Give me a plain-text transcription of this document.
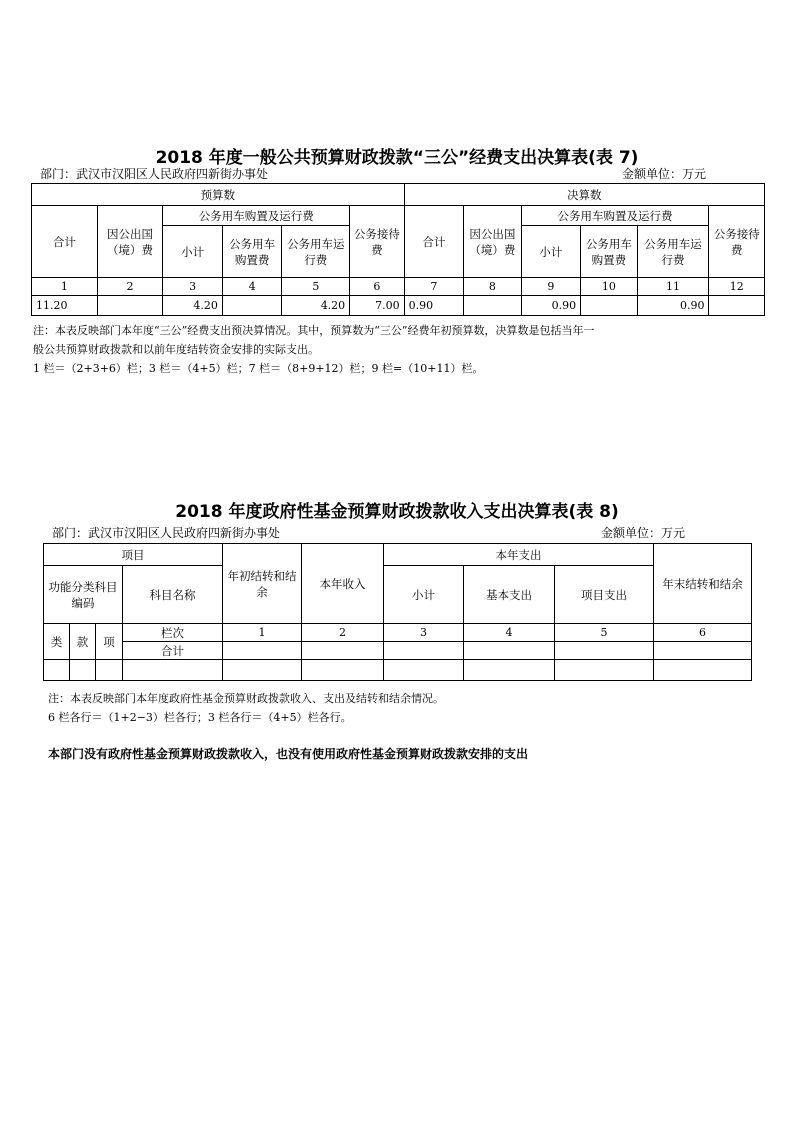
2018 年度一般公共预算财政拨款“三公”经费支出决算表(表 7)
部门：武汉市汉阳区人民政府四新街办事处	金额单位：万元
预算数						决算数					
合计	因公出国（境）费	公务用车购置及运行费			公务接待费	合计	因公出国（境）费	公务用车购置及运行费			公务接待费
		小计	公务用车购置费	公务用车运行费				小计	公务用车购置费	公务用车运行费	
1	2	3	4	5	6	7	8	9	10	11	12
11.20		4.20		4.20	7.00	0.90		0.90		0.90	
注：本表反映部门本年度“三公”经费支出预决算情况。其中，预算数为“三公”经费年初预算数，决算数是包括当年一
般公共预算财政拨款和以前年度结转资金安排的实际支出。
1 栏＝（2+3+6）栏；3 栏＝（4+5）栏；7 栏＝（8+9+12）栏；9 栏=（10+11）栏。
2018 年度政府性基金预算财政拨款收入支出决算表(表 8)
部门：武汉市汉阳区人民政府四新街办事处	金额单位：万元
项目				年初结转和结余	本年收入	本年支出			年末结转和结余
功能分类科目编码			科目名称			小计	基本支出	项目支出	
类	款	项	栏次	1	2	3	4	5	6
			合计						

注：本表反映部门本年度政府性基金预算财政拨款收入、支出及结转和结余情况。
6 栏各行＝（1+2−3）栏各行；3 栏各行＝（4+5）栏各行。
本部门没有政府性基金预算财政拨款收入，也没有使用政府性基金预算财政拨款安排的支出
